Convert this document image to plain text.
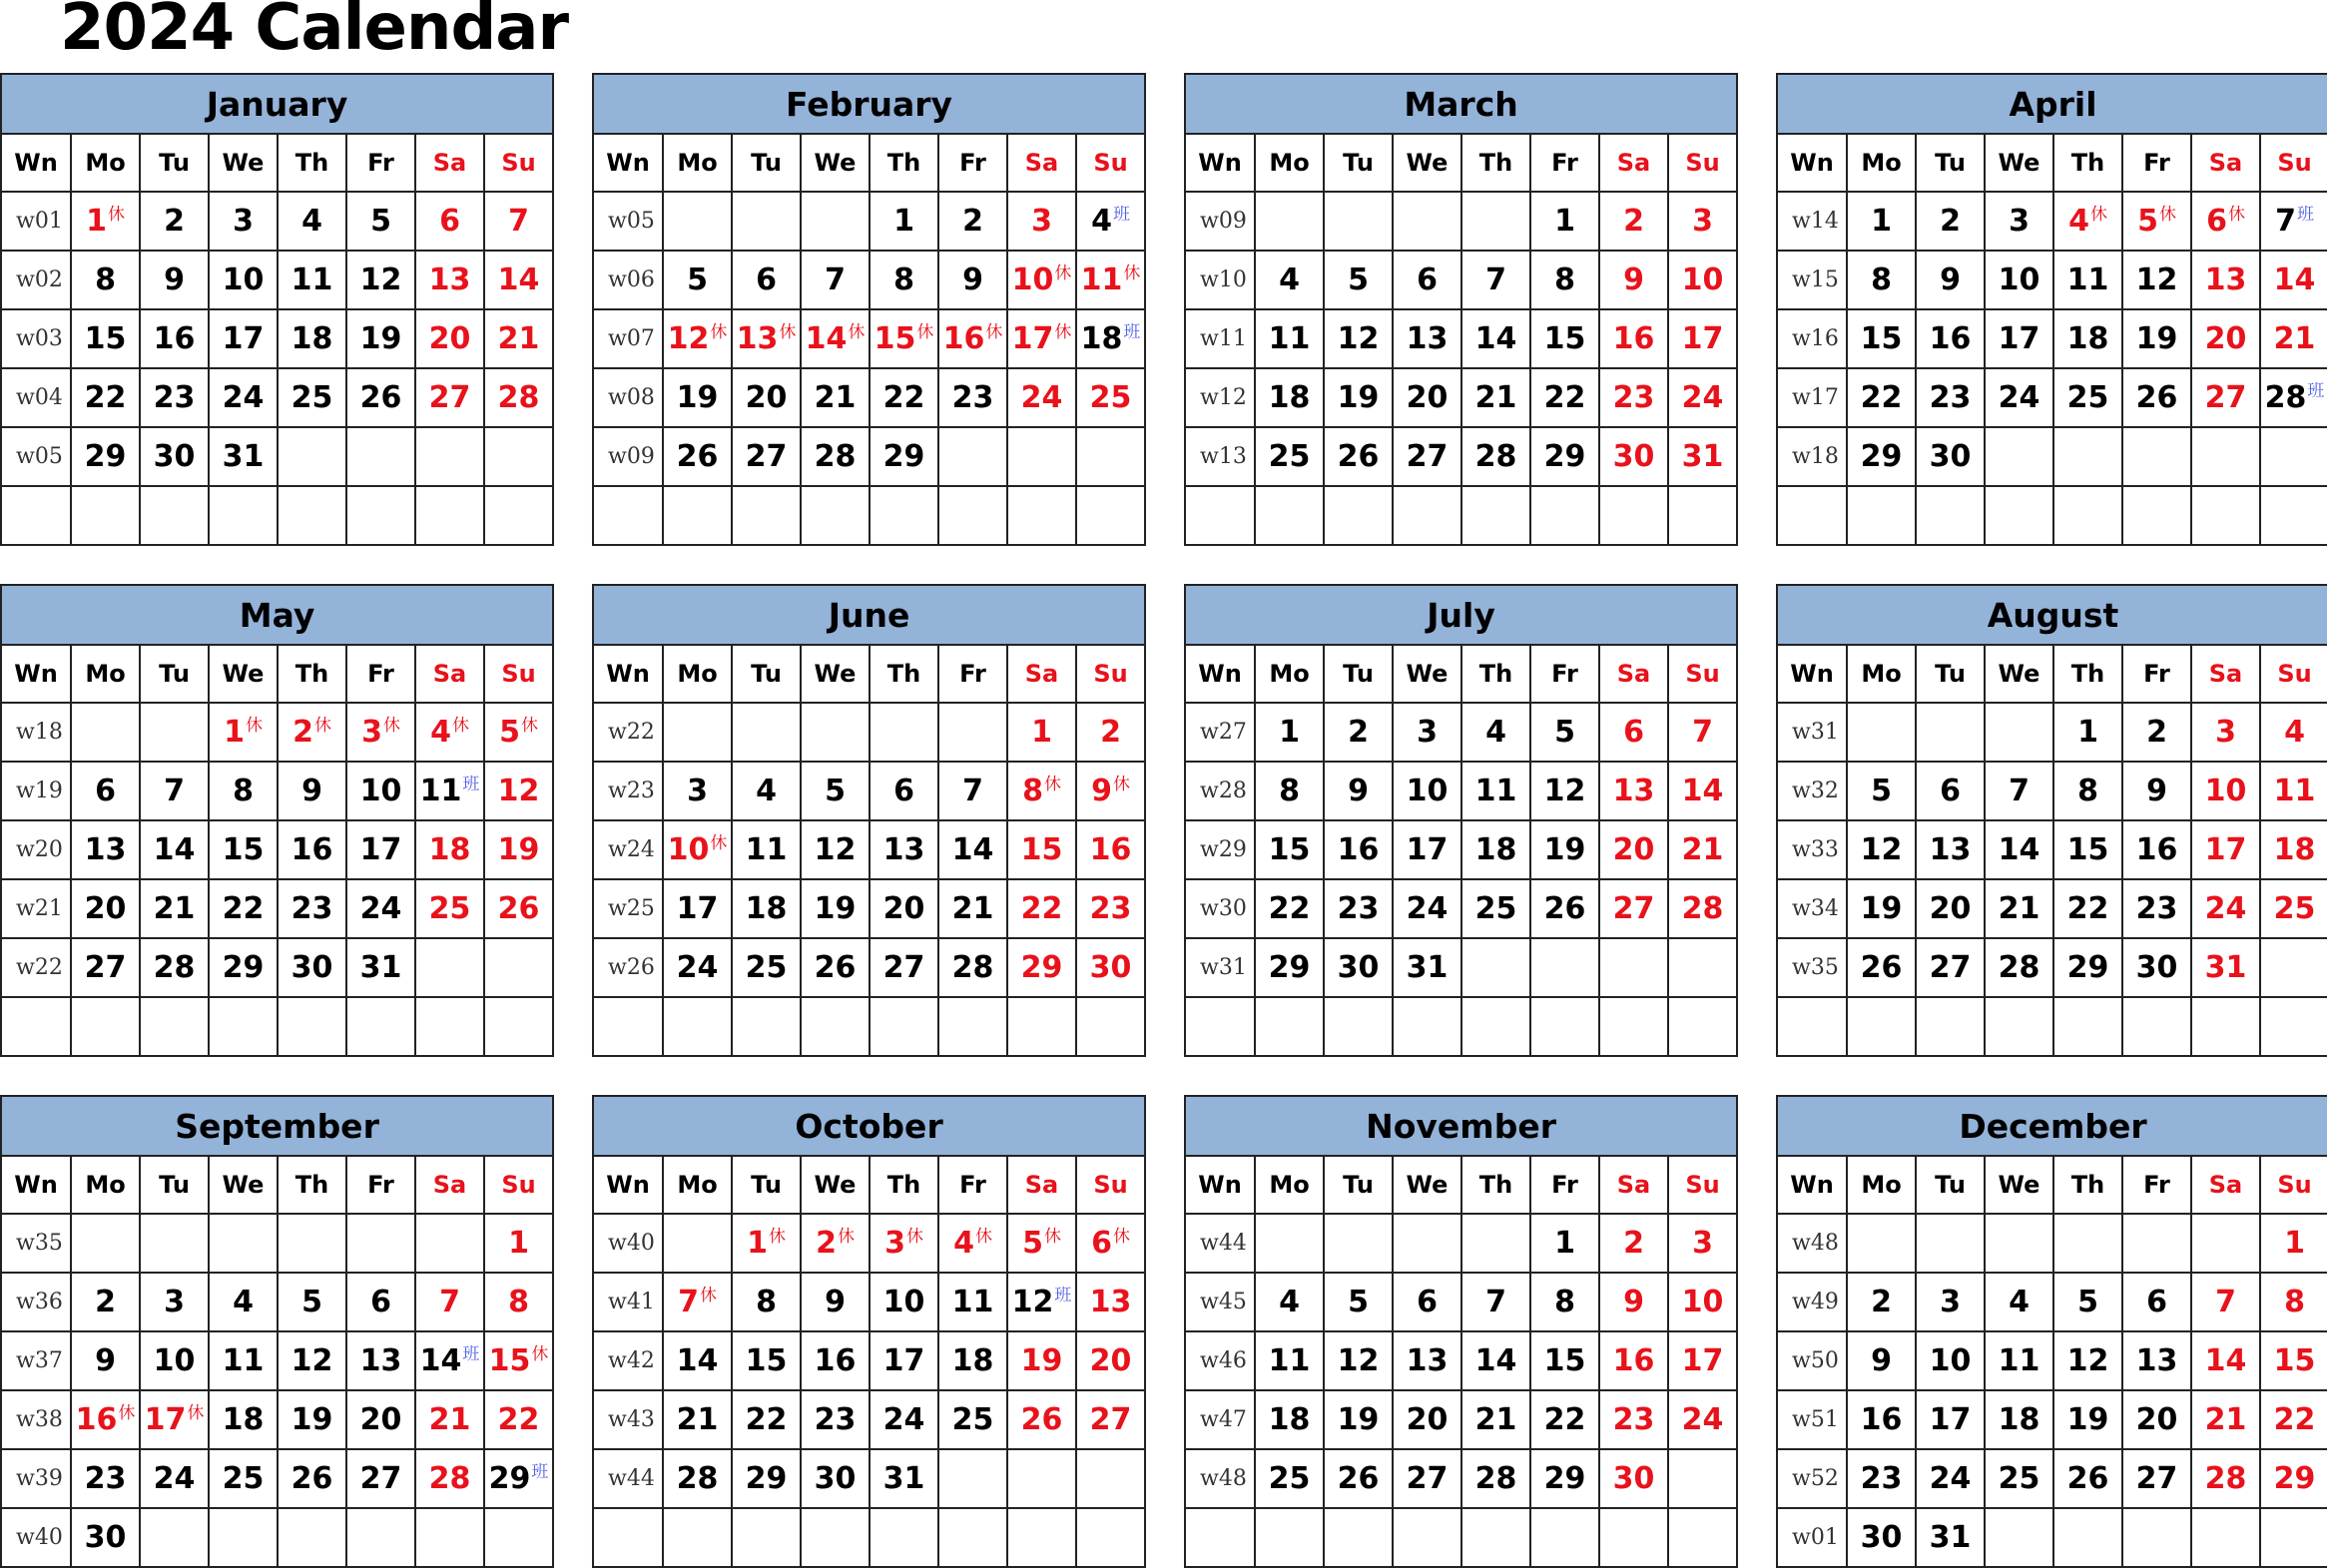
2024 Calendar
January							
Wn	Mo	Tu	We	Th	Fr	Sa	Su
w01	$1^休$	2	3	4	5	6	7
w02	8	9	10	11	12	13	14
w03	15	16	17	18	19	20	21
w04	22	23	24	25	26	27	28
w05	29	30	31				

February							
Wn	Mo	Tu	We	Th	Fr	Sa	Su
w05				1	2	3	$4^班$
w06	5	6	7	8	9	$10^休$	$11^休$
w07	$12^休$	$13^休$	$14^休$	$15^休$	$16^休$	$17^休$	$18^班$
w08	19	20	21	22	23	24	25
w09	26	27	28	29			

March							
Wn	Mo	Tu	We	Th	Fr	Sa	Su
w09					1	2	3
w10	4	5	6	7	8	9	10
w11	11	12	13	14	15	16	17
w12	18	19	20	21	22	23	24
w13	25	26	27	28	29	30	31

April							
Wn	Mo	Tu	We	Th	Fr	Sa	Su
w14	1	2	3	$4^休$	$5^休$	$6^休$	$7^班$
w15	8	9	10	11	12	13	14
w16	15	16	17	18	19	20	21
w17	22	23	24	25	26	27	$28^班$
w18	29	30					

May							
Wn	Mo	Tu	We	Th	Fr	Sa	Su
w18			$1^休$	$2^休$	$3^休$	$4^休$	$5^休$
w19	6	7	8	9	10	$11^班$	12
w20	13	14	15	16	17	18	19
w21	20	21	22	23	24	25	26
w22	27	28	29	30	31		

June							
Wn	Mo	Tu	We	Th	Fr	Sa	Su
w22						1	2
w23	3	4	5	6	7	$8^休$	$9^休$
w24	$10^休$	11	12	13	14	15	16
w25	17	18	19	20	21	22	23
w26	24	25	26	27	28	29	30

July							
Wn	Mo	Tu	We	Th	Fr	Sa	Su
w27	1	2	3	4	5	6	7
w28	8	9	10	11	12	13	14
w29	15	16	17	18	19	20	21
w30	22	23	24	25	26	27	28
w31	29	30	31				

August							
Wn	Mo	Tu	We	Th	Fr	Sa	Su
w31				1	2	3	4
w32	5	6	7	8	9	10	11
w33	12	13	14	15	16	17	18
w34	19	20	21	22	23	24	25
w35	26	27	28	29	30	31	

September							
Wn	Mo	Tu	We	Th	Fr	Sa	Su
w35							1
w36	2	3	4	5	6	7	8
w37	9	10	11	12	13	$14^班$	$15^休$
w38	$16^休$	$17^休$	18	19	20	21	22
w39	23	24	25	26	27	28	$29^班$
w40	30						
October							
Wn	Mo	Tu	We	Th	Fr	Sa	Su
w40		$1^休$	$2^休$	$3^休$	$4^休$	$5^休$	$6^休$
w41	$7^休$	8	9	10	11	$12^班$	13
w42	14	15	16	17	18	19	20
w43	21	22	23	24	25	26	27
w44	28	29	30	31			

November							
Wn	Mo	Tu	We	Th	Fr	Sa	Su
w44					1	2	3
w45	4	5	6	7	8	9	10
w46	11	12	13	14	15	16	17
w47	18	19	20	21	22	23	24
w48	25	26	27	28	29	30	

December							
Wn	Mo	Tu	We	Th	Fr	Sa	Su
w48							1
w49	2	3	4	5	6	7	8
w50	9	10	11	12	13	14	15
w51	16	17	18	19	20	21	22
w52	23	24	25	26	27	28	29
w01	30	31					
